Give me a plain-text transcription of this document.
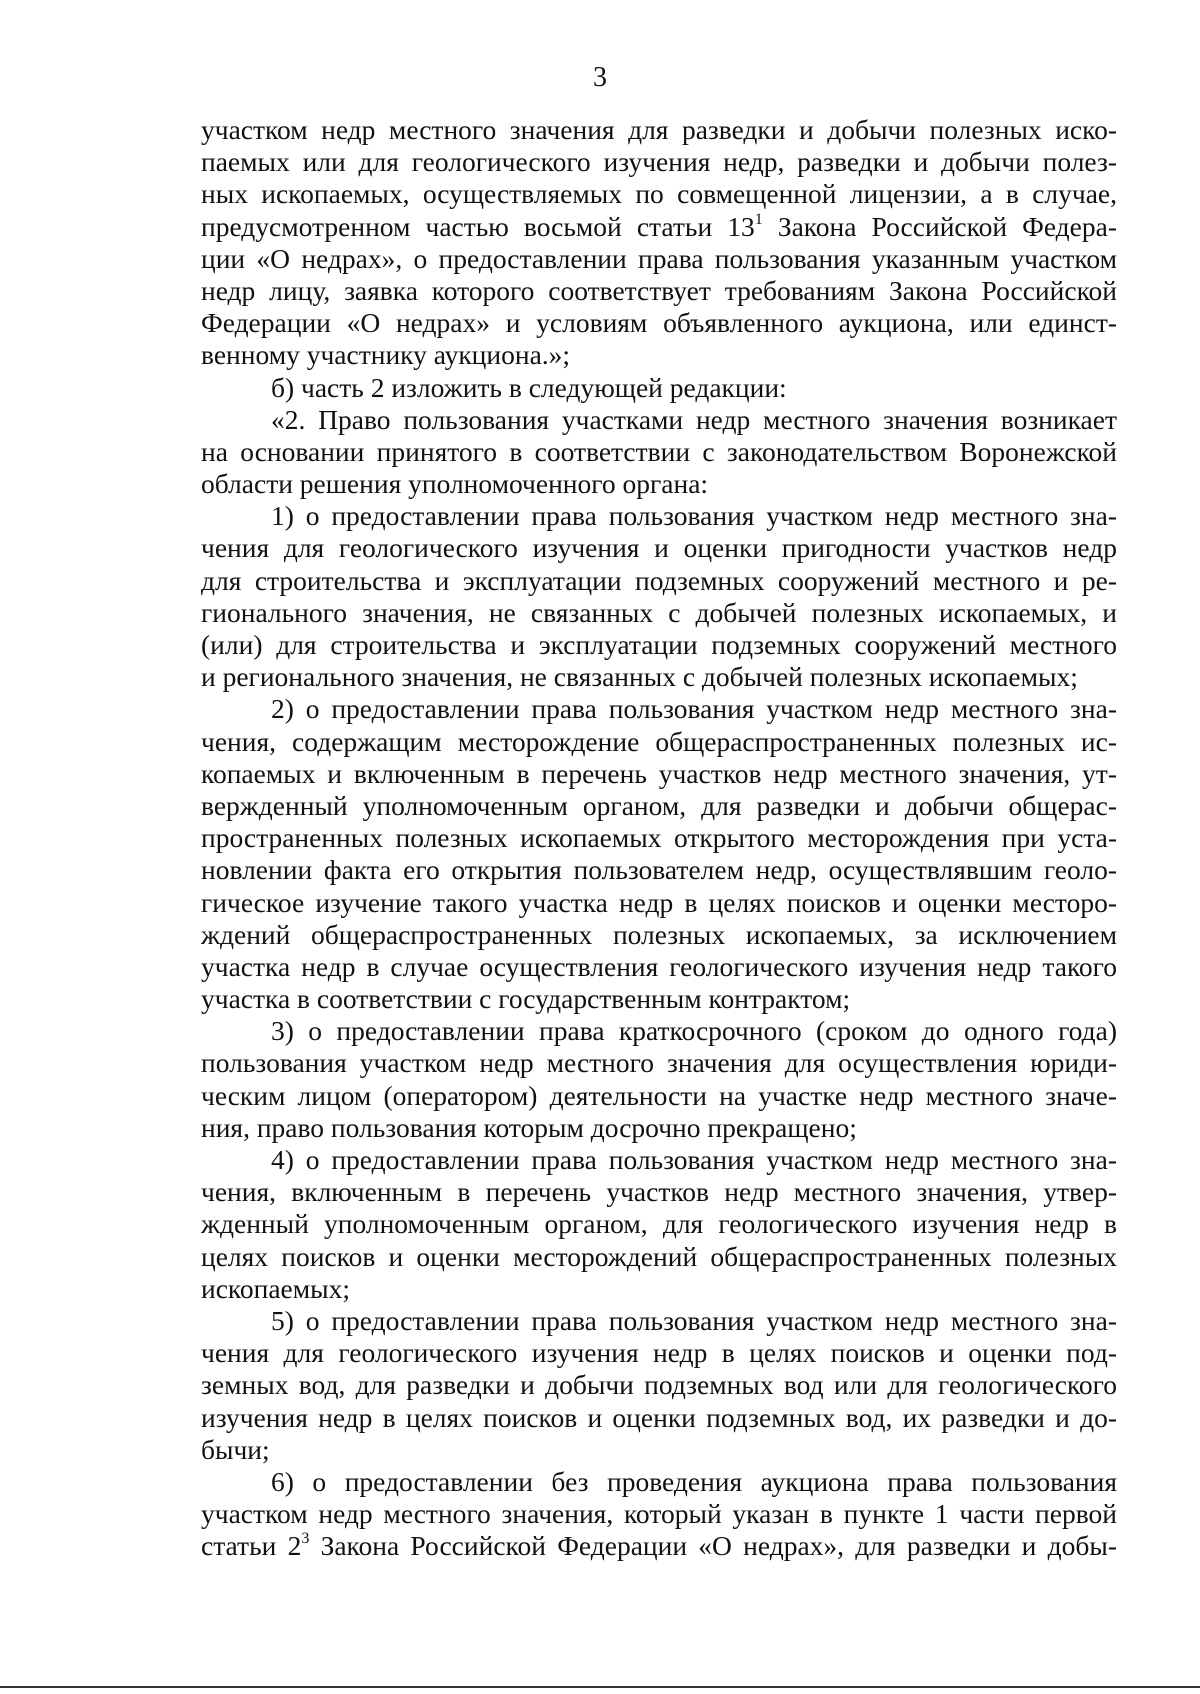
3
участком недр местного значения для разведки и добычи полезных иско-
паемых или для геологического изучения недр, разведки и добычи полез-
ных ископаемых, осуществляемых по совмещенной лицензии, а в случае,
предусмотренном частью восьмой статьи $13^1$ Закона Российской Федера-
ции «О недрах», о предоставлении права пользования указанным участком
недр лицу, заявка которого соответствует требованиям Закона Российской
Федерации «О недрах» и условиям объявленного аукциона, или единст-
венному участнику аукциона.»;
б) часть 2 изложить в следующей редакции:
«2. Право пользования участками недр местного значения возникает
на основании принятого в соответствии с законодательством Воронежской
области решения уполномоченного органа:
1) о предоставлении права пользования участком недр местного зна-
чения для геологического изучения и оценки пригодности участков недр
для строительства и эксплуатации подземных сооружений местного и ре-
гионального значения, не связанных с добычей полезных ископаемых, и
(или) для строительства и эксплуатации подземных сооружений местного
и регионального значения, не связанных с добычей полезных ископаемых;
2) о предоставлении права пользования участком недр местного зна-
чения, содержащим месторождение общераспространенных полезных ис-
копаемых и включенным в перечень участков недр местного значения, ут-
вержденный уполномоченным органом, для разведки и добычи общерас-
пространенных полезных ископаемых открытого месторождения при уста-
новлении факта его открытия пользователем недр, осуществлявшим геоло-
гическое изучение такого участка недр в целях поисков и оценки месторо-
ждений общераспространенных полезных ископаемых, за исключением
участка недр в случае осуществления геологического изучения недр такого
участка в соответствии с государственным контрактом;
3) о предоставлении права краткосрочного (сроком до одного года)
пользования участком недр местного значения для осуществления юриди-
ческим лицом (оператором) деятельности на участке недр местного значе-
ния, право пользования которым досрочно прекращено;
4) о предоставлении права пользования участком недр местного зна-
чения, включенным в перечень участков недр местного значения, утвер-
жденный уполномоченным органом, для геологического изучения недр в
целях поисков и оценки месторождений общераспространенных полезных
ископаемых;
5) о предоставлении права пользования участком недр местного зна-
чения для геологического изучения недр в целях поисков и оценки под-
земных вод, для разведки и добычи подземных вод или для геологического
изучения недр в целях поисков и оценки подземных вод, их разведки и до-
бычи;
6) о предоставлении без проведения аукциона права пользования
участком недр местного значения, который указан в пункте 1 части первой
статьи $2^3$ Закона Российской Федерации «О недрах», для разведки и добы-
